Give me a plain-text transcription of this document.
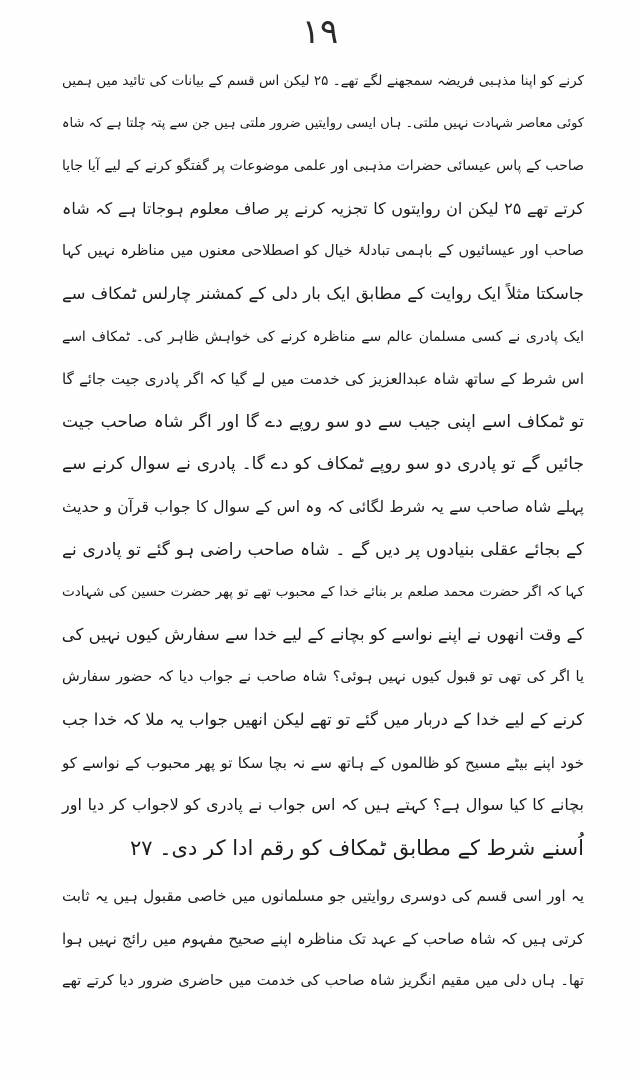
۱۹

کرنے کو اپنا مذہبی فریضہ سمجھنے لگے تھے۔ ۲۵ لیکن اس قسم کے بیانات کی تائید میں ہمیں
کوئی معاصر شہادت نہیں ملتی۔ ہاں ایسی روایتیں ضرور ملتی ہیں جن سے پتہ چلتا ہے کہ شاہ
صاحب کے پاس عیسائی حضرات مذہبی اور علمی موضوعات پر گفتگو کرنے کے لیے آیا جایا
کرتے تھے ۲۵ لیکن ان روایتوں کا تجزیہ کرنے پر صاف معلوم ہوجاتا ہے کہ شاہ
صاحب اور عیسائیوں کے باہمی تبادلۂ خیال کو اصطلاحی معنوں میں مناظرہ نہیں کہا
جاسکتا مثلاً ایک روایت کے مطابق ایک بار دلی کے کمشنر چارلس ٹمکاف سے
ایک پادری نے کسی مسلمان عالم سے مناظرہ کرنے کی خواہش ظاہر کی۔ ٹمکاف اسے
اس شرط کے ساتھ شاہ عبدالعزیز کی خدمت میں لے گیا کہ اگر پادری جیت جائے گا
تو ٹمکاف اسے اپنی جیب سے دو سو روپے دے گا اور اگر شاہ صاحب جیت
جائیں گے تو پادری دو سو روپے ٹمکاف کو دے گا۔ پادری نے سوال کرنے سے
پہلے شاہ صاحب سے یہ شرط لگائی کہ وہ اس کے سوال کا جواب قرآن و حدیث
کے بجائے عقلی بنیادوں پر دیں گے ۔ شاہ صاحب راضی ہو گئے تو پادری نے
کہا کہ اگر حضرت محمد صلعم بر بنائے خدا کے محبوب تھے تو پھر حضرت حسین کی شہادت
کے وقت انھوں نے اپنے نواسے کو بچانے کے لیے خدا سے سفارش کیوں نہیں کی
یا اگر کی تھی تو قبول کیوں نہیں ہوئی؟ شاہ صاحب نے جواب دیا کہ حضور سفارش
کرنے کے لیے خدا کے دربار میں گئے تو تھے لیکن انھیں جواب یہ ملا کہ خدا جب
خود اپنے بیٹے مسیح کو ظالموں کے ہاتھ سے نہ بچا سکا تو پھر محبوب کے نواسے کو
بچانے کا کیا سوال ہے؟ کہتے ہیں کہ اس جواب نے پادری کو لاجواب کر دیا اور
اُسنے شرط کے مطابق ٹمکاف کو رقم ادا کر دی۔ ۲۷
یہ اور اسی قسم کی دوسری روایتیں جو مسلمانوں میں خاصی مقبول ہیں یہ ثابت
کرتی ہیں کہ شاہ صاحب کے عہد تک مناظرہ اپنے صحیح مفہوم میں رائج نہیں ہوا
تھا۔ ہاں دلی میں مقیم انگریز شاہ صاحب کی خدمت میں حاضری ضرور دیا کرتے تھے
